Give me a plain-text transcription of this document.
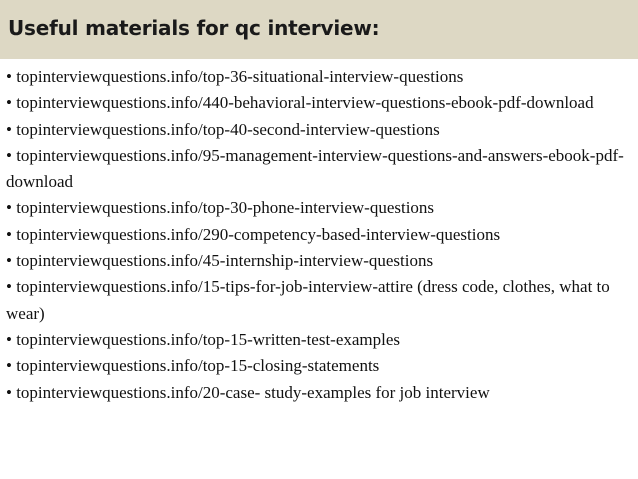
Useful materials for qc interview:
• topinterviewquestions.info/top-36-situational-interview-questions
• topinterviewquestions.info/440-behavioral-interview-questions-ebook-pdf-download
• topinterviewquestions.info/top-40-second-interview-questions
• topinterviewquestions.info/95-management-interview-questions-and-answers-ebook-pdf-download
• topinterviewquestions.info/top-30-phone-interview-questions
• topinterviewquestions.info/290-competency-based-interview-questions
• topinterviewquestions.info/45-internship-interview-questions
• topinterviewquestions.info/15-tips-for-job-interview-attire (dress code, clothes, what to wear)
• topinterviewquestions.info/top-15-written-test-examples
• topinterviewquestions.info/top-15-closing-statements
• topinterviewquestions.info/20-case- study-examples for job interview
